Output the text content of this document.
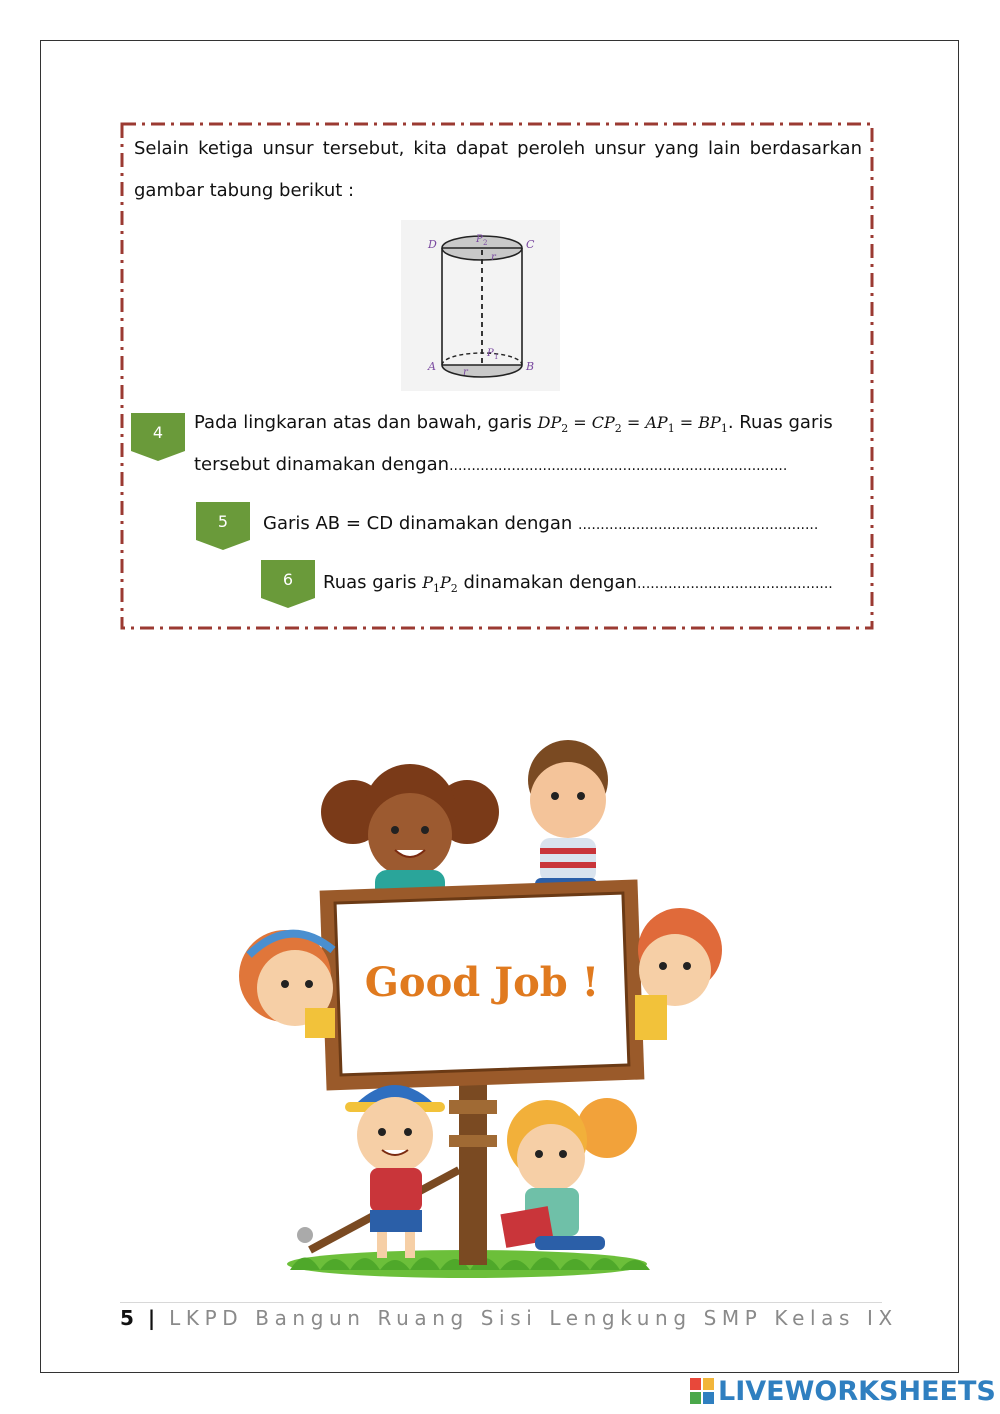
Selain ketiga unsur tersebut, kita dapat peroleh unsur yang lain berdasarkan gambar tabung berikut :
D	C
A	B
P 2
r
P 1
r
4	Pada lingkaran atas dan bawah, garis $DP_2 = CP_2 = AP_1 = BP_1$. Ruas garis
tersebut dinamakan dengan............................................................................
5	Garis AB = CD dinamakan dengan ......................................................
6	Ruas garis $P_1P_2$ dinamakan dengan............................................
Good Job !
5 | LKPD Bangun Ruang Sisi Lengkung SMP Kelas IX
LIVEWORKSHEETS
